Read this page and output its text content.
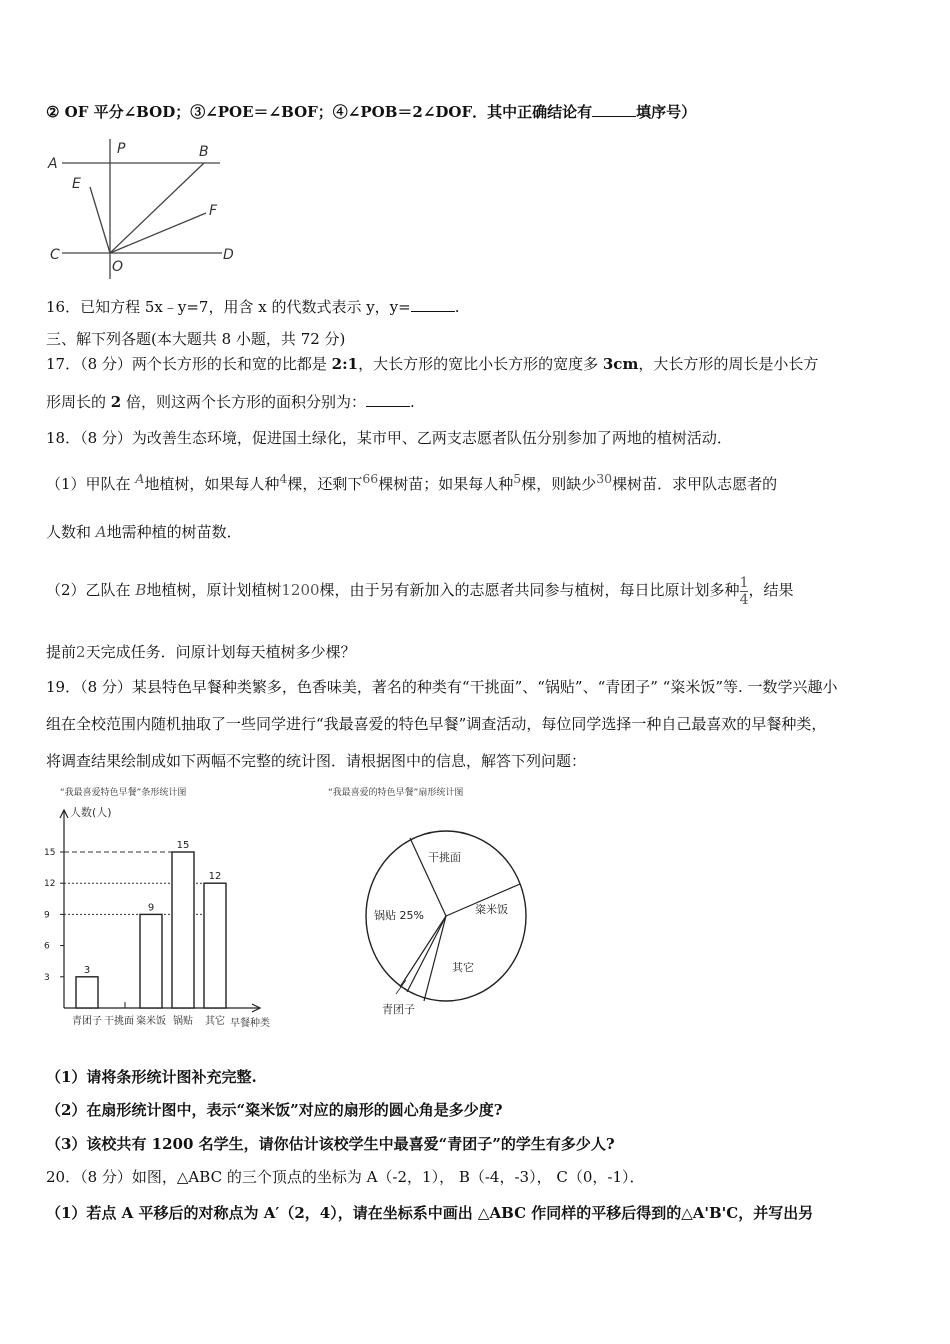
② OF 平分∠BOD；③∠POE＝∠BOF；④∠POB＝2∠DOF．其中正确结论有	填序号）
A
P	B
E
F
C
O
D
16．已知方程 5x﹣y=7，用含 x 的代数式表示 y，y=	.
三、解下列各题(本大题共 8 小题，共 72 分)
17．（8 分）两个长方形的长和宽的比都是 2:1，大长方形的宽比小长方形的宽度多 3cm，大长方形的周长是小长方
形周长的 2 倍，则这两个长方形的面积分别为：	.
18．（8 分）为改善生态环境，促进国土绿化，某市甲、乙两支志愿者队伍分别参加了两地的植树活动．
（1）甲队在 $^A$地植树，如果每人种$^4$棵，还剩下$^{66}$棵树苗；如果每人种$^5$棵，则缺少$^{30}$棵树苗．求甲队志愿者的
人数和 A地需种植的树苗数．
（2）乙队在 B地植树，原计划植树1200棵，由于另有新加入的志愿者共同参与植树，每日比原计划多种 $\frac{1}{4}$ ，结果
提前2天完成任务．问原计划每天植树多少棵？
19．（8 分）某县特色早餐种类繁多，色香味美，著名的种类有“干挑面”、“锅贴”、“青团子” “粢米饭”等. 一数学兴趣小
组在全校范围内随机抽取了一些同学进行“我最喜爱的特色早餐”调查活动，每位同学选择一种自己最喜欢的早餐种类，
将调查结果绘制成如下两幅不完整的统计图．请根据图中的信息，解答下列问题：
“我最喜爱特色早餐”条形统计图
人数(人)
早餐种类
3
6
9
12
15
3
9
15
12
青团子 干挑面 粢米饭 锅贴 其它
“我最喜爱的特色早餐”扇形统计图
干挑面
粢米饭
其它
青团子
锅贴 25%
（1）请将条形统计图补充完整.
（2）在扇形统计图中，表示“粢米饭”对应的扇形的圆心角是多少度?
（3）该校共有 1200 名学生，请你估计该校学生中最喜爱“青团子”的学生有多少人?
20．（8 分）如图，△ABC 的三个顶点的坐标为 A（-2，1）， B（-4，-3）， C（0，-1）．
（1）若点 A 平移后的对称点为 A′（2，4），请在坐标系中画出 △ABC 作同样的平移后得到的△A'B'C，并写出另
